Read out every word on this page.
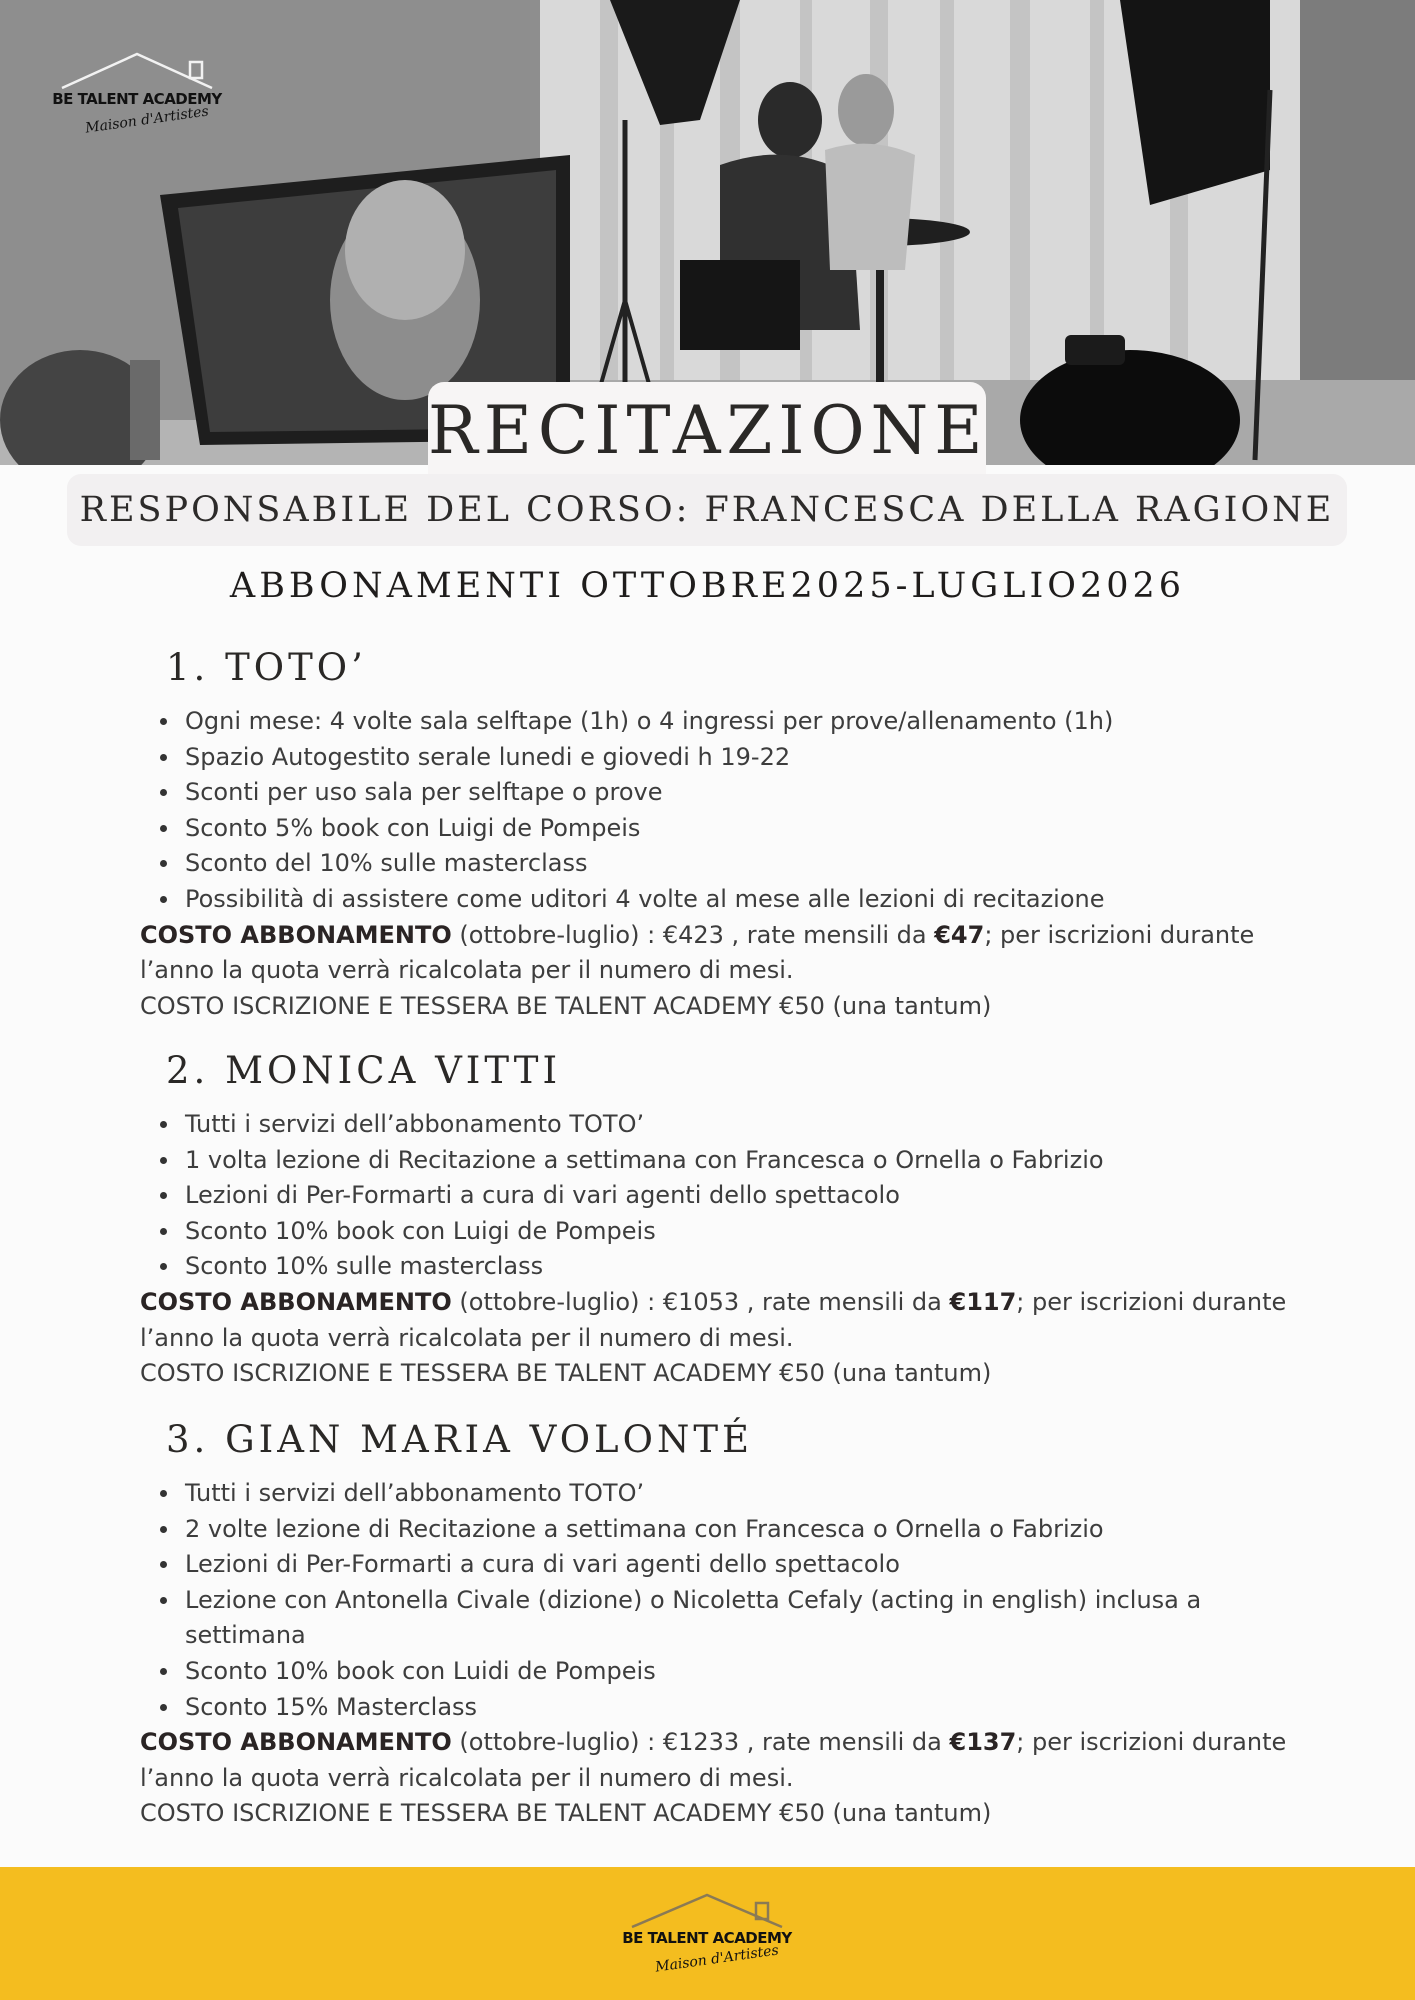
BE TALENT ACADEMY
Maison d'Artistes
RECITAZIONE
RESPONSABILE DEL CORSO: FRANCESCA DELLA RAGIONE
ABBONAMENTI OTTOBRE2025-LUGLIO2026
1. TOTO’
Ogni mese: 4 volte sala selftape (1h) o 4 ingressi per prove/allenamento (1h)
Spazio Autogestito serale lunedi e giovedi h 19-22
Sconti per uso sala per selftape o prove
Sconto 5% book con Luigi de Pompeis
Sconto del 10% sulle masterclass
Possibilità di assistere come uditori 4 volte al mese alle lezioni di recitazione
COSTO ABBONAMENTO (ottobre-luglio) : €423 , rate mensili da €47; per iscrizioni durante l’anno la quota verrà ricalcolata per il numero di mesi.
COSTO ISCRIZIONE E TESSERA BE TALENT ACADEMY €50 (una tantum)
2. MONICA VITTI
Tutti i servizi dell’abbonamento TOTO’
1 volta lezione di Recitazione a settimana con Francesca o Ornella o Fabrizio
Lezioni di Per-Formarti a cura di vari agenti dello spettacolo
Sconto 10% book con Luigi de Pompeis
Sconto 10% sulle masterclass
COSTO ABBONAMENTO (ottobre-luglio) : €1053 , rate mensili da €117; per iscrizioni durante l’anno la quota verrà ricalcolata per il numero di mesi.
COSTO ISCRIZIONE E TESSERA BE TALENT ACADEMY €50 (una tantum)
3. GIAN MARIA VOLONTÉ
Tutti i servizi dell’abbonamento TOTO’
2 volte lezione di Recitazione a settimana con Francesca o Ornella o Fabrizio
Lezioni di Per-Formarti a cura di vari agenti dello spettacolo
Lezione con Antonella Civale (dizione) o Nicoletta Cefaly (acting in english) inclusa a settimana
Sconto 10% book con Luidi de Pompeis
Sconto 15% Masterclass
COSTO ABBONAMENTO (ottobre-luglio) : €1233 , rate mensili da €137; per iscrizioni durante l’anno la quota verrà ricalcolata per il numero di mesi.
COSTO ISCRIZIONE E TESSERA BE TALENT ACADEMY €50 (una tantum)
BE TALENT ACADEMY
Maison d'Artistes
